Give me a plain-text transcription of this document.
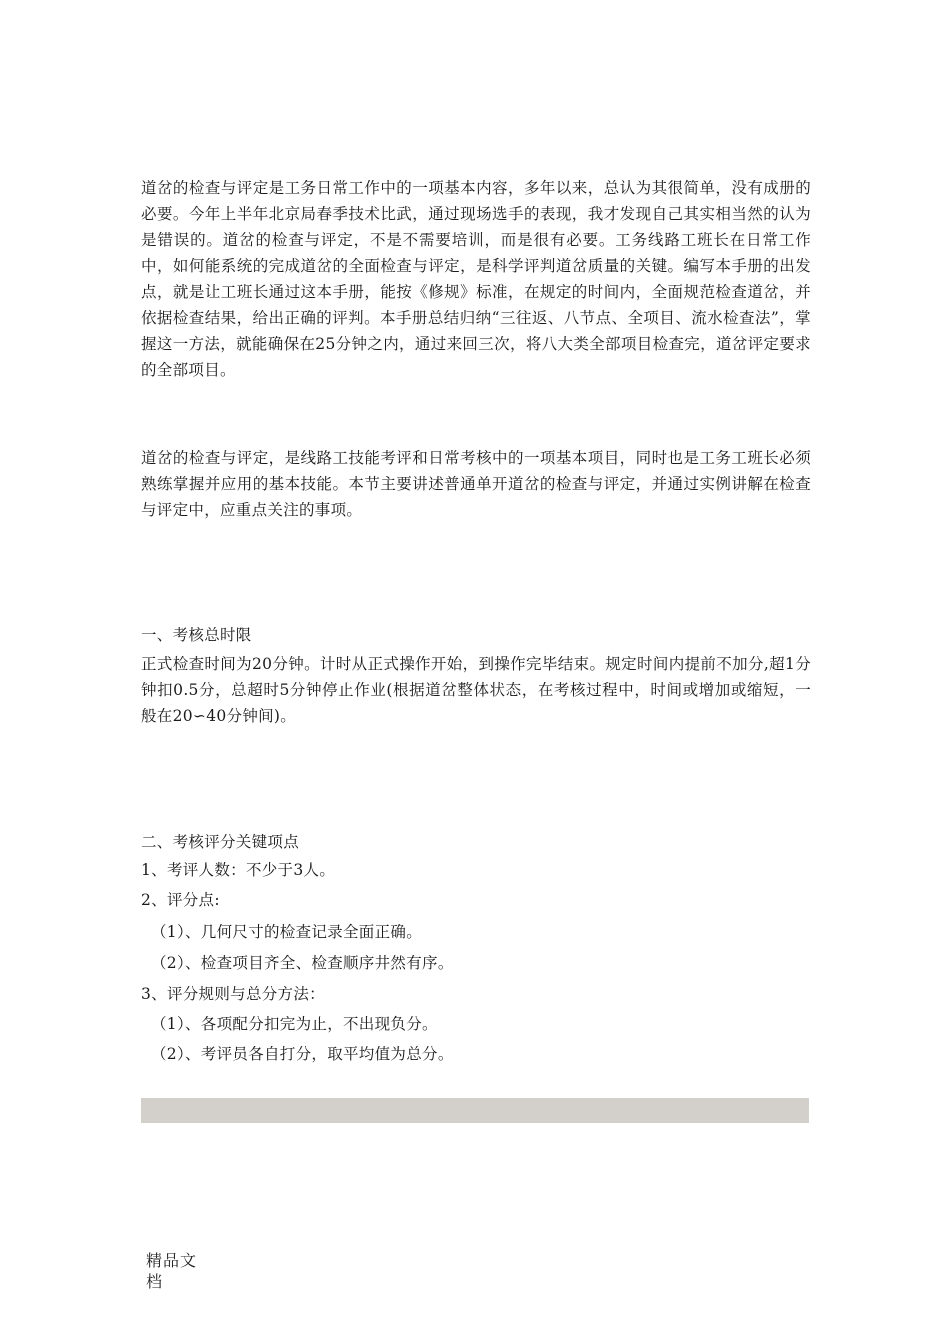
道岔的检查与评定是工务日常工作中的一项基本内容，多年以来，总认为其很简单，没有成册的必要。今年上半年北京局春季技术比武，通过现场选手的表现，我才发现自己其实相当然的认为是错误的。道岔的检查与评定，不是不需要培训，而是很有必要。工务线路工班长在日常工作中，如何能系统的完成道岔的全面检查与评定，是科学评判道岔质量的关键。编写本手册的出发点，就是让工班长通过这本手册，能按《修规》标准，在规定的时间内，全面规范检查道岔，并依据检查结果，给出正确的评判。本手册总结归纳“三往返、八节点、全项目、流水检查法”，掌握这一方法，就能确保在25分钟之内，通过来回三次，将八大类全部项目检查完，道岔评定要求的全部项目。

道岔的检查与评定，是线路工技能考评和日常考核中的一项基本项目，同时也是工务工班长必须熟练掌握并应用的基本技能。本节主要讲述普通单开道岔的检查与评定，并通过实例讲解在检查与评定中，应重点关注的事项。

一、考核总时限

正式检查时间为20分钟。计时从正式操作开始，到操作完毕结束。规定时间内提前不加分,超1分钟扣0.5分，总超时5分钟停止作业(根据道岔整体状态，在考核过程中，时间或增加或缩短，一般在20∽40分钟间)。

二、考核评分关键项点

1、考评人数：不少于3人。

2、评分点:

（1）、几何尺寸的检查记录全面正确。

（2）、检查项目齐全、检查顺序井然有序。

3、评分规则与总分方法：

（1）、各项配分扣完为止，不出现负分。

（2）、考评员各自打分，取平均值为总分。

精品文档
